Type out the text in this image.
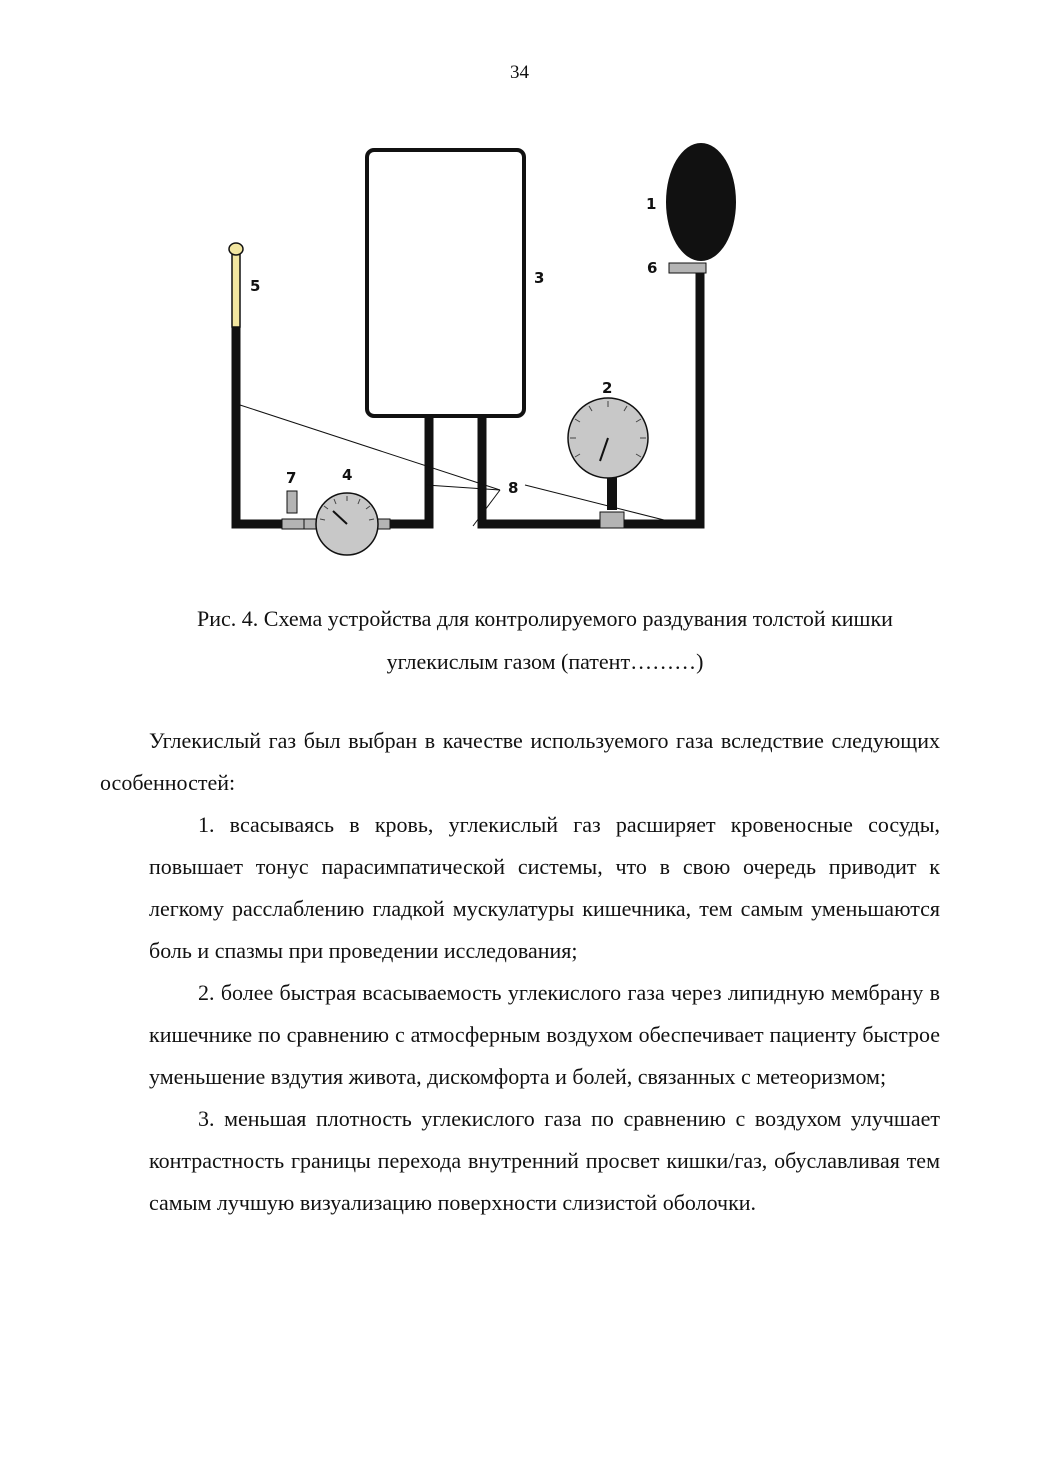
34
1
2
3
4
5
6
7
8
Рис. 4. Схема устройства для контролируемого раздувания толстой кишки
углекислым газом (патент………)

Углекислый газ был выбран в качестве используемого газа вследствие следующих особенностей:

1. всасываясь в кровь, углекислый газ расширяет кровеносные сосуды, повышает тонус парасимпатической системы, что в свою очередь приводит к легкому расслаблению гладкой мускулатуры кишечника, тем самым уменьшаются боль и спазмы при проведении исследования;

2. более быстрая всасываемость углекислого газа через липидную мембрану в кишечнике по сравнению с атмосферным воздухом обеспечивает пациенту быстрое уменьшение вздутия живота, дискомфорта и болей, связанных с метеоризмом;

3. меньшая плотность углекислого газа по сравнению с воздухом улучшает контрастность границы перехода внутренний просвет кишки/газ, обуславливая тем самым лучшую визуализацию поверхности слизистой оболочки.
